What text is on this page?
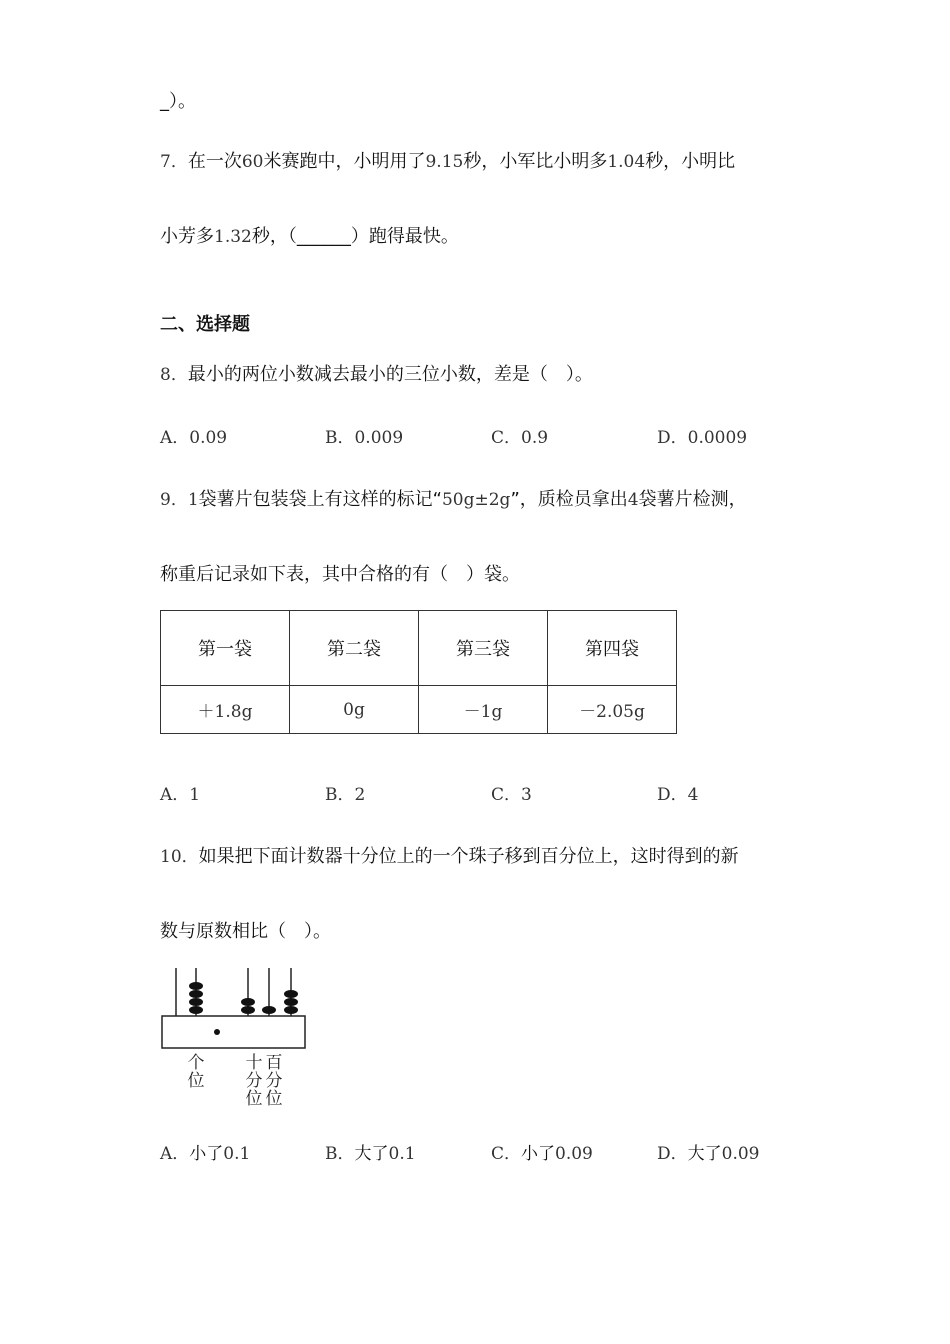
_）。
7．在一次60米赛跑中，小明用了9.15秒，小军比小明多1.04秒，小明比
小芳多1.32秒，（______）跑得最快。
二、选择题
8．最小的两位小数减去最小的三位小数，差是（　）。
A．0.09	B．0.009	C．0.9	D．0.0009
9．1袋薯片包装袋上有这样的标记“50g±2g”，质检员拿出4袋薯片检测，
称重后记录如下表，其中合格的有（　）袋。
第一袋	第二袋	第三袋	第四袋
＋1.8g	0g	－1g	－2.05g
A．1	B．2	C．3	D．4
10．如果把下面计数器十分位上的一个珠子移到百分位上，这时得到的新
数与原数相比（　）。
个
位
十
分
位
百
分
位
A．小了0.1	B．大了0.1	C．小了0.09	D．大了0.09
